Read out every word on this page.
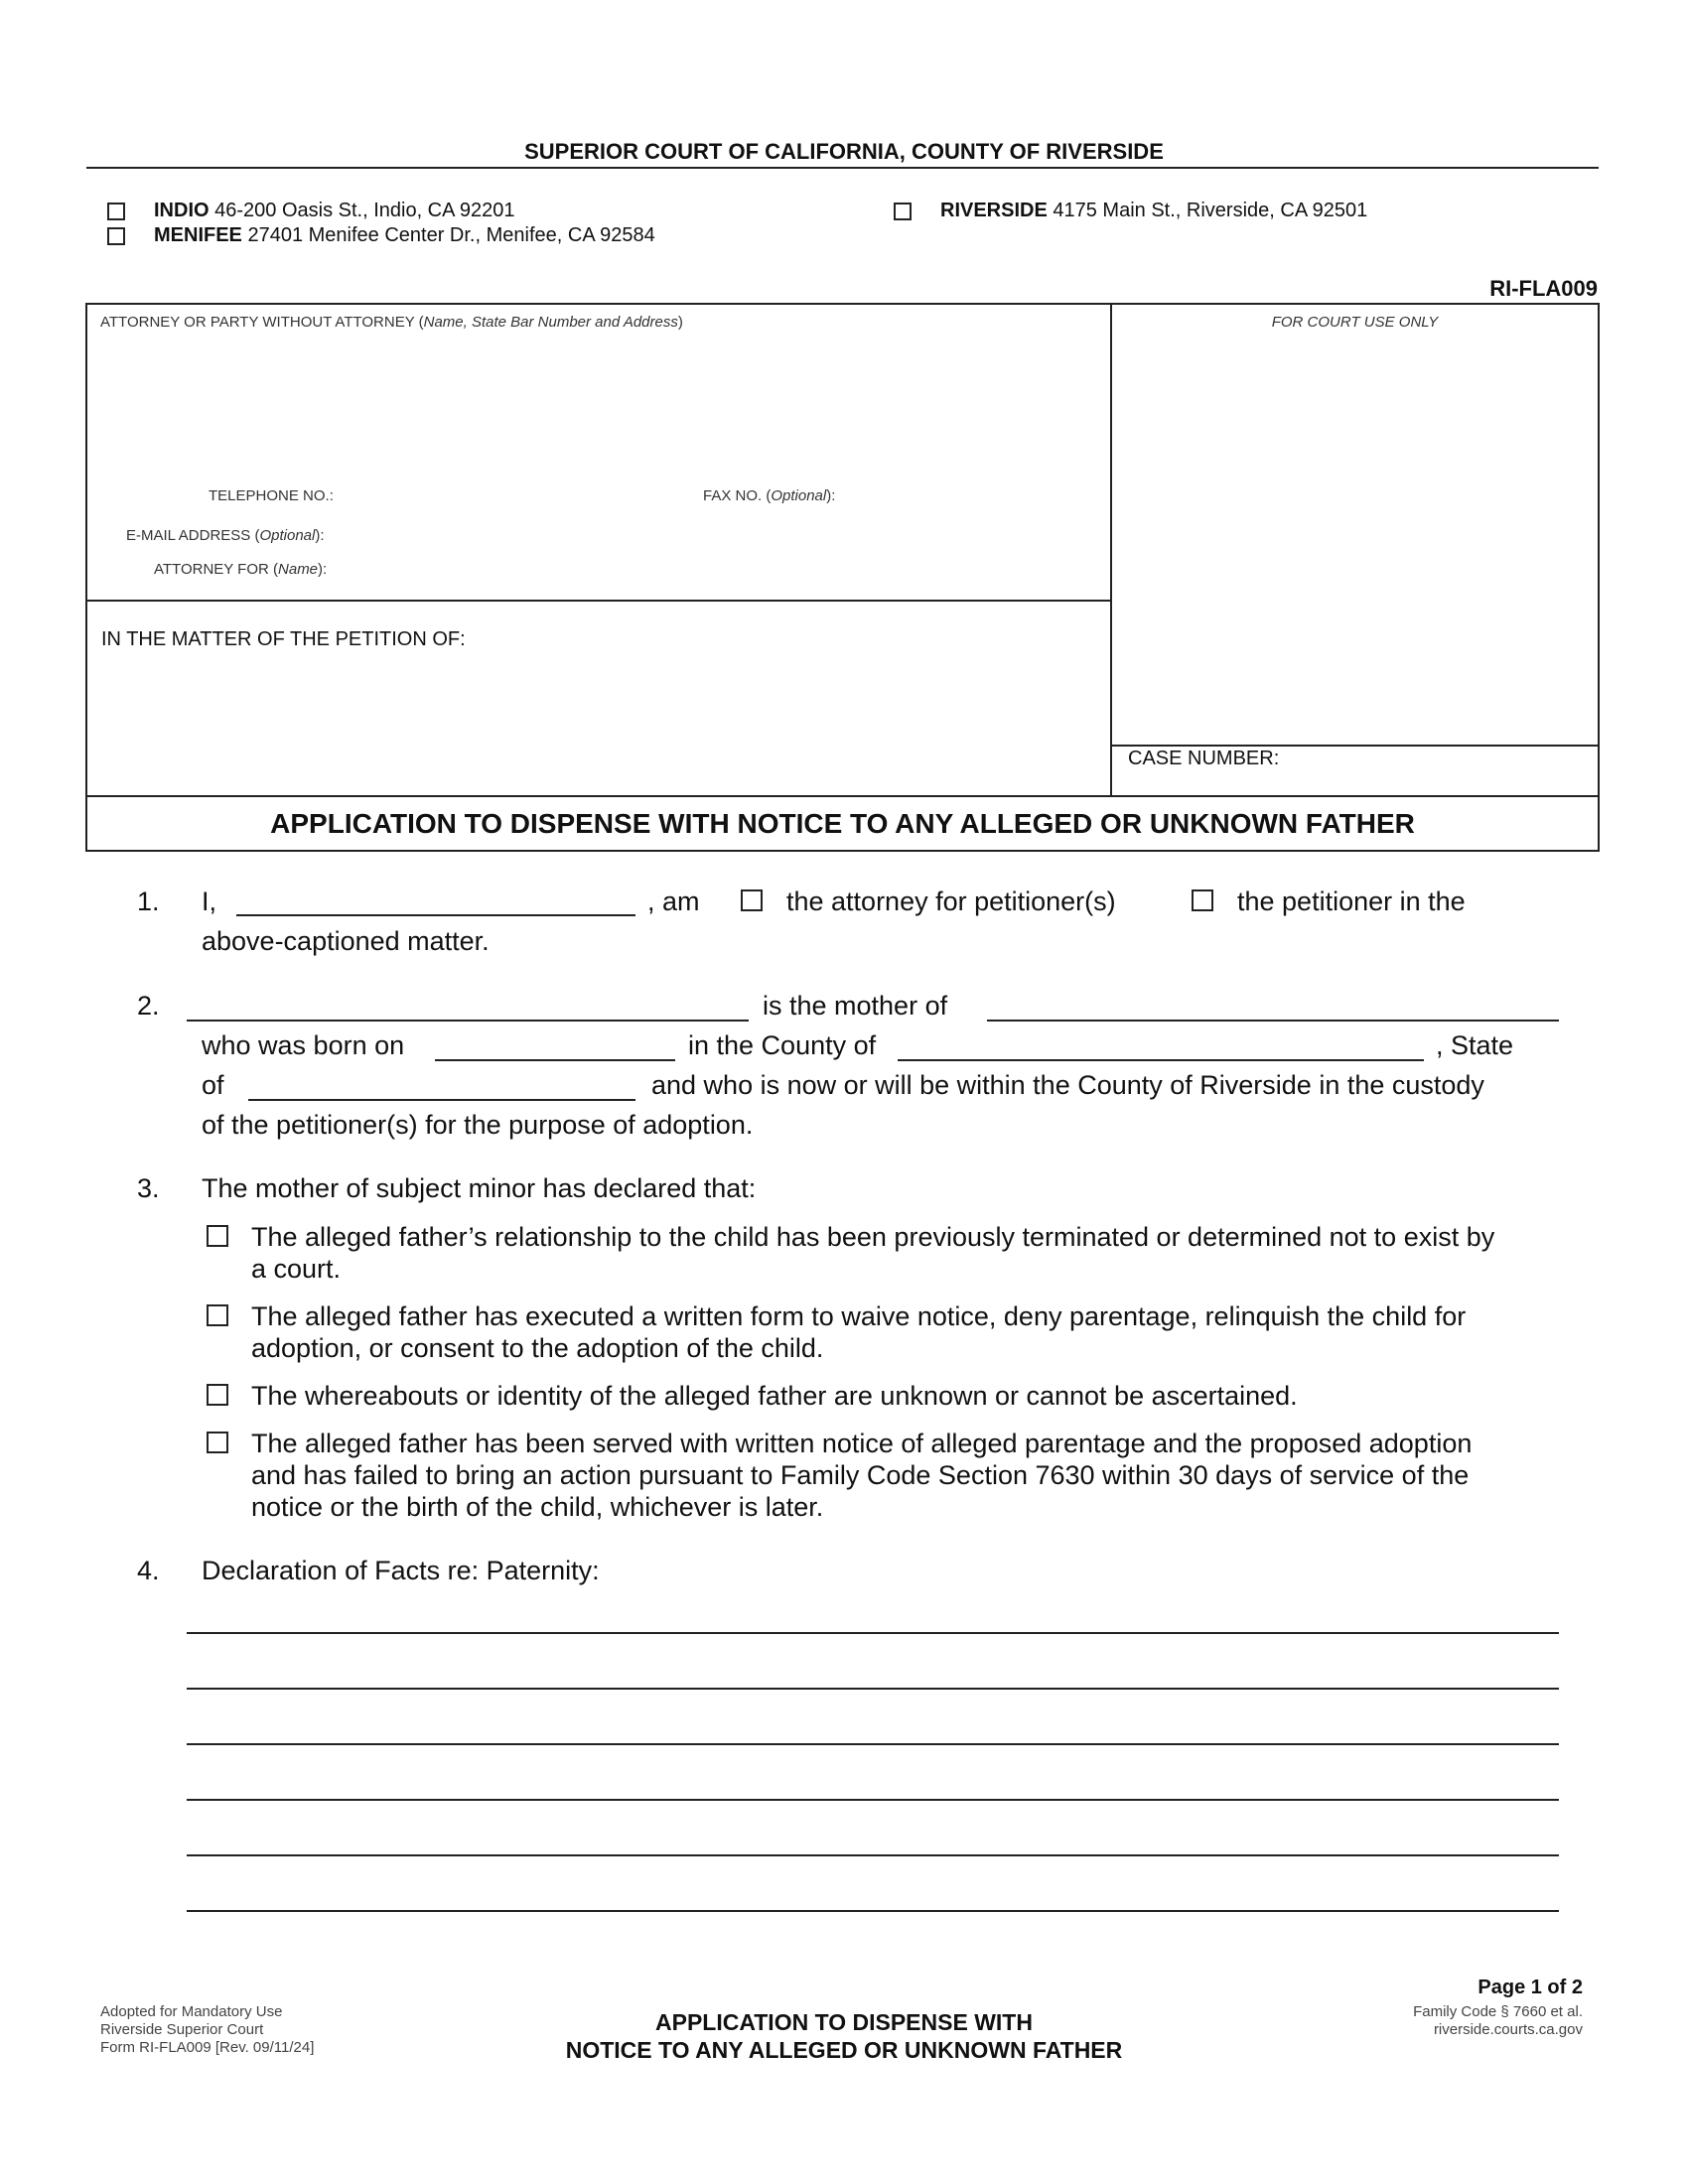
SUPERIOR COURT OF CALIFORNIA, COUNTY OF RIVERSIDE
INDIO 46-200 Oasis St., Indio, CA 92201
MENIFEE 27401 Menifee Center Dr., Menifee, CA 92584
RIVERSIDE 4175 Main St., Riverside, CA 92501
RI-FLA009
ATTORNEY OR PARTY WITHOUT ATTORNEY (Name, State Bar Number and Address)
TELEPHONE NO.:	FAX NO. (Optional):
E-MAIL ADDRESS (Optional):
ATTORNEY FOR (Name):
FOR COURT USE ONLY
IN THE MATTER OF THE PETITION OF:
CASE NUMBER:
APPLICATION TO DISPENSE WITH NOTICE TO ANY ALLEGED OR UNKNOWN FATHER
1. I,	, am	the attorney for petitioner(s)	the petitioner in the
above-captioned matter.
2.	is the mother of
who was born on	in the County of	, State
of	and who is now or will be within the County of Riverside in the custody
of the petitioner(s) for the purpose of adoption.
3. The mother of subject minor has declared that:
The alleged father’s relationship to the child has been previously terminated or determined not to exist by
a court.
The alleged father has executed a written form to waive notice, deny parentage, relinquish the child for
adoption, or consent to the adoption of the child.
The whereabouts or identity of the alleged father are unknown or cannot be ascertained.
The alleged father has been served with written notice of alleged parentage and the proposed adoption
and has failed to bring an action pursuant to Family Code Section 7630 within 30 days of service of the
notice or the birth of the child, whichever is later.
4. Declaration of Facts re: Paternity:
Page 1 of 2
Adopted for Mandatory Use
Riverside Superior Court
Form RI-FLA009 [Rev. 09/11/24]
APPLICATION TO DISPENSE WITH
NOTICE TO ANY ALLEGED OR UNKNOWN FATHER
Family Code § 7660 et al.
riverside.courts.ca.gov
